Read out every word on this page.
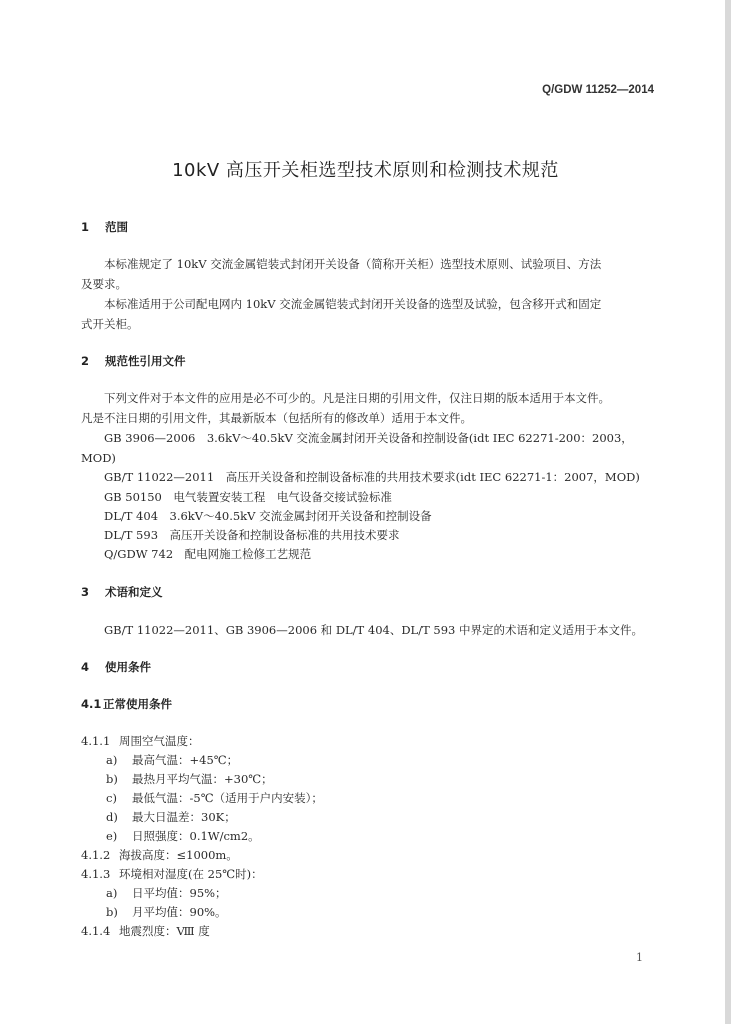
Q/GDW 11252—2014
10kV 高压开关柜选型技术原则和检测技术规范
1 范围
本标准规定了 10kV 交流金属铠装式封闭开关设备（简称开关柜）选型技术原则、试验项目、方法
及要求。
本标准适用于公司配电网内 10kV 交流金属铠装式封闭开关设备的选型及试验，包含移开式和固定
式开关柜。
2 规范性引用文件
下列文件对于本文件的应用是必不可少的。凡是注日期的引用文件，仅注日期的版本适用于本文件。
凡是不注日期的引用文件，其最新版本（包括所有的修改单）适用于本文件。
GB 3906—2006　3.6kV～40.5kV 交流金属封闭开关设备和控制设备(idt IEC 62271-200：2003，
MOD)
GB/T 11022—2011　高压开关设备和控制设备标准的共用技术要求(idt IEC 62271-1：2007，MOD)
GB 50150　电气装置安装工程　电气设备交接试验标准
DL/T 404　3.6kV～40.5kV 交流金属封闭开关设备和控制设备
DL/T 593　高压开关设备和控制设备标准的共用技术要求
Q/GDW 742　配电网施工检修工艺规范
3 术语和定义
GB/T 11022—2011、GB 3906—2006 和 DL/T 404、DL/T 593 中界定的术语和定义适用于本文件。
4 使用条件
4.1 正常使用条件
4.1.1 周围空气温度：
a) 最高气温：+45℃；
b) 最热月平均气温：+30℃；
c) 最低气温：-5℃（适用于户内安装）；
d) 最大日温差：30K；
e) 日照强度：0.1W/cm2。
4.1.2 海拔高度：≤1000m。
4.1.3 环境相对湿度(在 25℃时)：
a) 日平均值：95%；
b) 月平均值：90%。
4.1.4 地震烈度：Ⅷ 度
1
